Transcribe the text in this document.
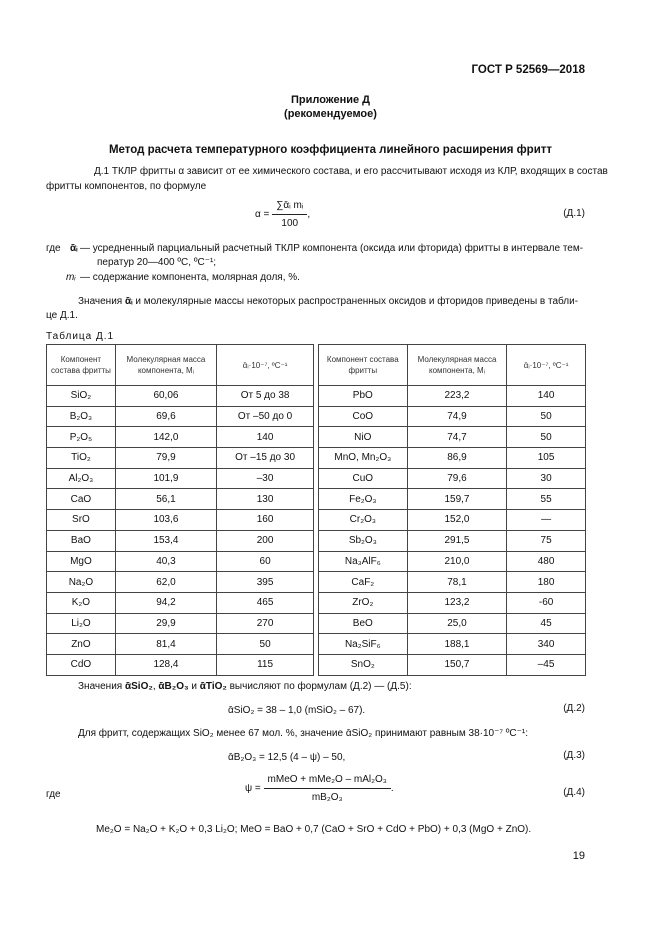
ГОСТ Р 52569—2018
Приложение Д
(рекомендуемое)
Метод расчета температурного коэффициента линейного расширения фритт
Д.1 ТКЛР фритты α зависит от ее химического состава, и его рассчитывают исходя из КЛР, входящих в состав
фритты компонентов, по формуле
$\alpha = \frac{\text{∑ᾱᵢ mᵢ}}{100}$ ,	(Д.1)
где ᾱᵢ — усредненный парциальный расчетный ТКЛР компонента (оксида или фторида) фритты в интервале тем-
ператур 20—400 ºС, ºС⁻¹;
mᵢ — содержание компонента, молярная доля, %.
Значения ᾱᵢ и молекулярные массы некоторых распространенных оксидов и фторидов приведены в табли-
це Д.1.
Таблица Д.1
Компонент состава фритты	Молекулярная масса компонента, Mᵢ	ᾱᵢ·10⁻⁷, ºС⁻¹		Компонент состава фритты	Молекулярная масса компонента, Mᵢ	ᾱᵢ·10⁻⁷, ºС⁻¹
SiO₂	60,06	От 5 до 38		PbO	223,2	140
B₂O₃	69,6	От –50 до 0		CoO	74,9	50
P₂O₅	142,0	140		NiO	74,7	50
TiO₂	79,9	От –15 до 30		MnO, Mn₂O₃	86,9	105
Al₂O₃	101,9	–30		CuO	79,6	30
CaO	56,1	130		Fe₂O₃	159,7	55
SrO	103,6	160		Cr₂O₃	152,0	—
BaO	153,4	200		Sb₂O₃	291,5	75
MgO	40,3	60		Na₃AlF₆	210,0	480
Na₂O	62,0	395		CaF₂	78,1	180
K₂O	94,2	465		ZrO₂	123,2	-60
Li₂O	29,9	270		BeO	25,0	45
ZnO	81,4	50		Na₂SiF₆	188,1	340
CdO	128,4	115		SnO₂	150,7	–45
Значения ᾱSiO₂, ᾱB₂O₃ и ᾱTiO₂ вычисляют по формулам (Д.2) — (Д.5):
ᾱSiO₂ = 38 – 1,0 (mSiO₂ – 67).	(Д.2)
Для фритт, содержащих SiO₂ менее 67 мол. %, значение ᾱSiO₂ принимают равным 38·10⁻⁷ ºС⁻¹:
ᾱB₂O₃ = 12,5 (4 – ψ) – 50,	(Д.3)
где
$\psi = \frac{\text{mMeO + mMe₂O – mAl₂O₃}}{\text{mB₂O₃}}$ .	(Д.4)
Me₂O = Na₂O + K₂O + 0,3 Li₂O; MeO = BaO + 0,7 (CaO + SrO + CdO + PbO) + 0,3 (MgO + ZnO).
19
